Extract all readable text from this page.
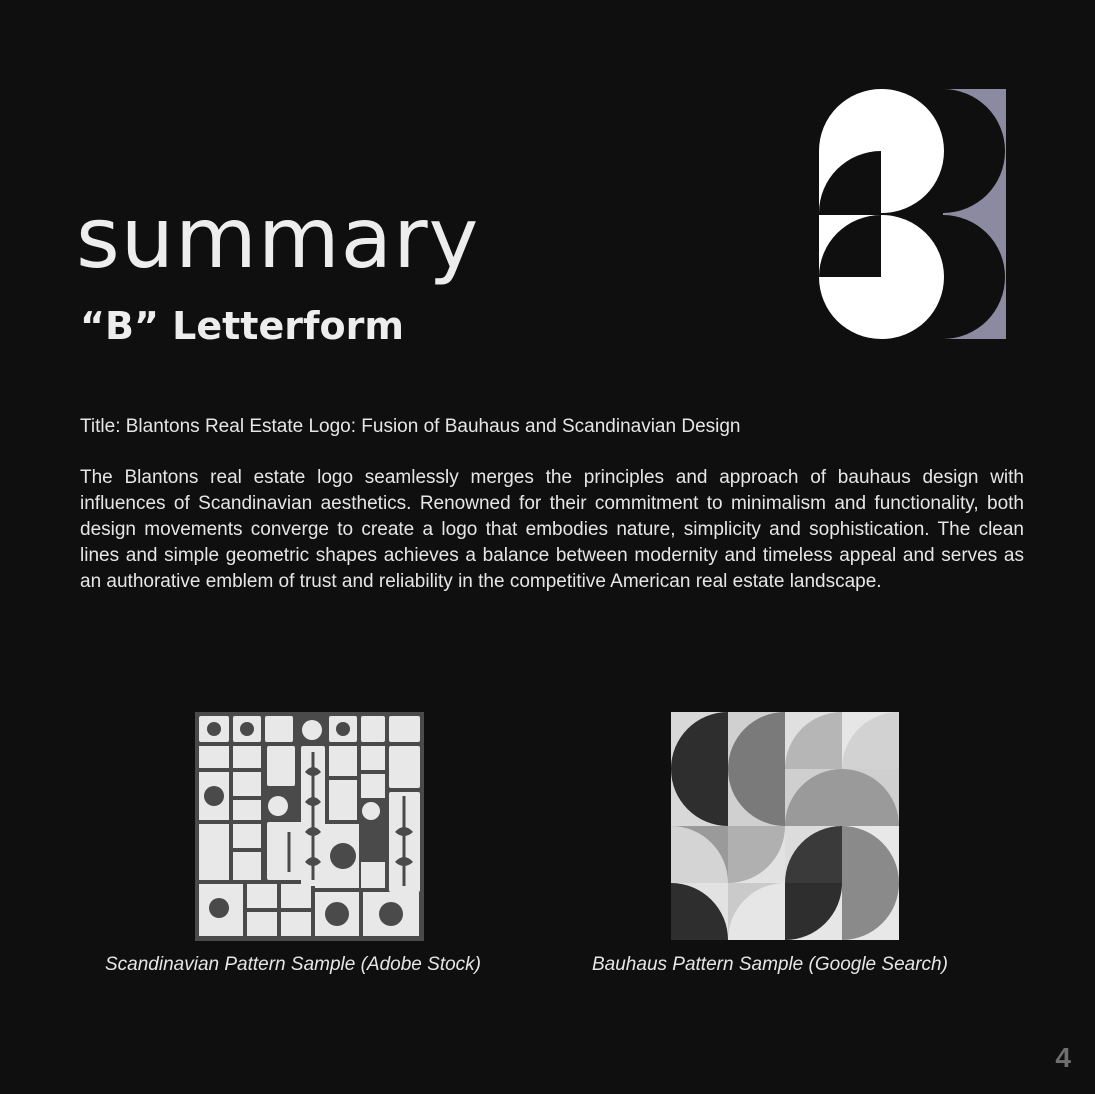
summary
“B” Letterform

Title: Blantons Real Estate Logo: Fusion of Bauhaus and Scandinavian Design

The Blantons real estate logo seamlessly merges the principles and approach of bauhaus design with influences of Scandinavian aesthetics. Renowned for their commitment to minimalism and functionality, both design movements converge to create a logo that embodies nature, simplicity and sophistication. The clean lines and simple geometric shapes achieves a balance between modernity and timeless appeal and serves as an authorative emblem of trust and reliability in the competitive American real estate landscape.

Scandinavian Pattern Sample (Adobe Stock)	Bauhaus Pattern Sample (Google Search)
4
